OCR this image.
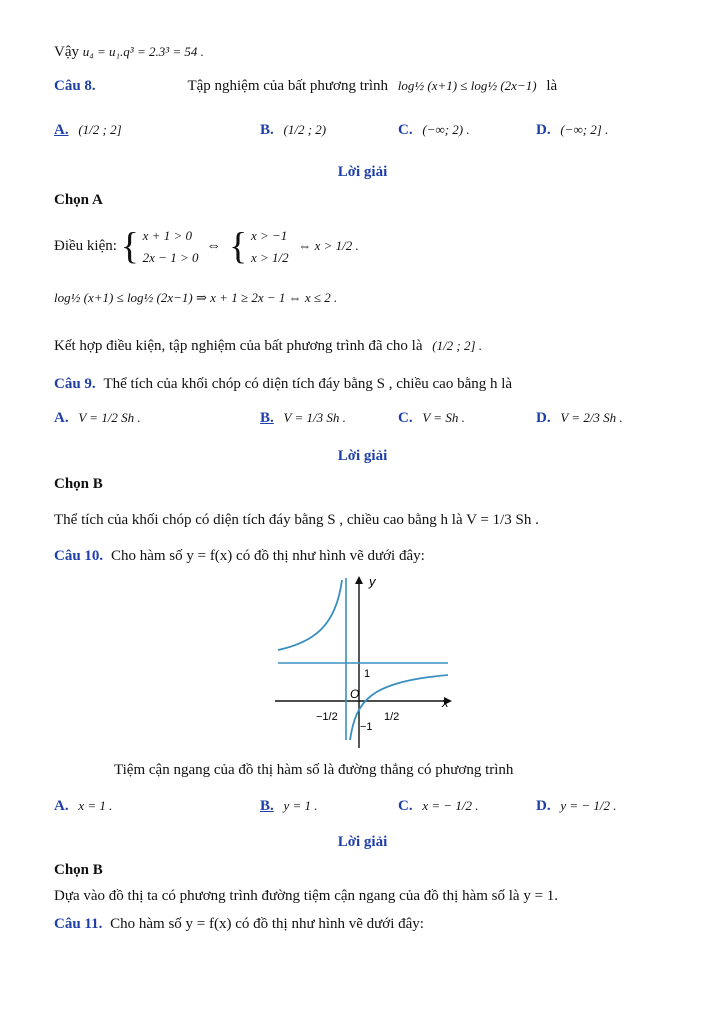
Vậy u₄ = u₁.q³ = 2.3³ = 54 .
Câu 8.	Tập nghiệm của bất phương trình log½ (x+1) ≤ log½ (2x−1) là
A. (1/2 ; 2]	B. (1/2 ; 2)	C. (−∞; 2) .	D. (−∞; 2] .
Lời giải
Chọn A
Điều kiện: { x + 1 > 0
2x − 1 > 0
⇔ { x > −1
x > 1/2
⇔ x > 1/2 .
log½ (x+1) ≤ log½ (2x−1) ⇒ x + 1 ≥ 2x − 1 ⇔ x ≤ 2 .
Kết hợp điều kiện, tập nghiệm của bất phương trình đã cho là (1/2 ; 2] .
Câu 9. Thể tích của khối chóp có diện tích đáy bằng S , chiều cao bằng h là
A. V = 1/2 Sh .	B. V = 1/3 Sh .	C. V = Sh .	D. V = 2/3 Sh .
Lời giải
Chọn B
Thể tích của khối chóp có diện tích đáy bằng S , chiều cao bằng h là V = 1/3 Sh .
Câu 10. Cho hàm số y = f(x) có đồ thị như hình vẽ dưới đây:
y
x
O
1
−1
1/2
−1/2
Tiệm cận ngang của đồ thị hàm số là đường thẳng có phương trình
A. x = 1 .	B. y = 1 .	C. x = − 1/2 .	D. y = − 1/2 .
Lời giải
Chọn B
Dựa vào đồ thị ta có phương trình đường tiệm cận ngang của đồ thị hàm số là y = 1.
Câu 11. Cho hàm số y = f(x) có đồ thị như hình vẽ dưới đây:
